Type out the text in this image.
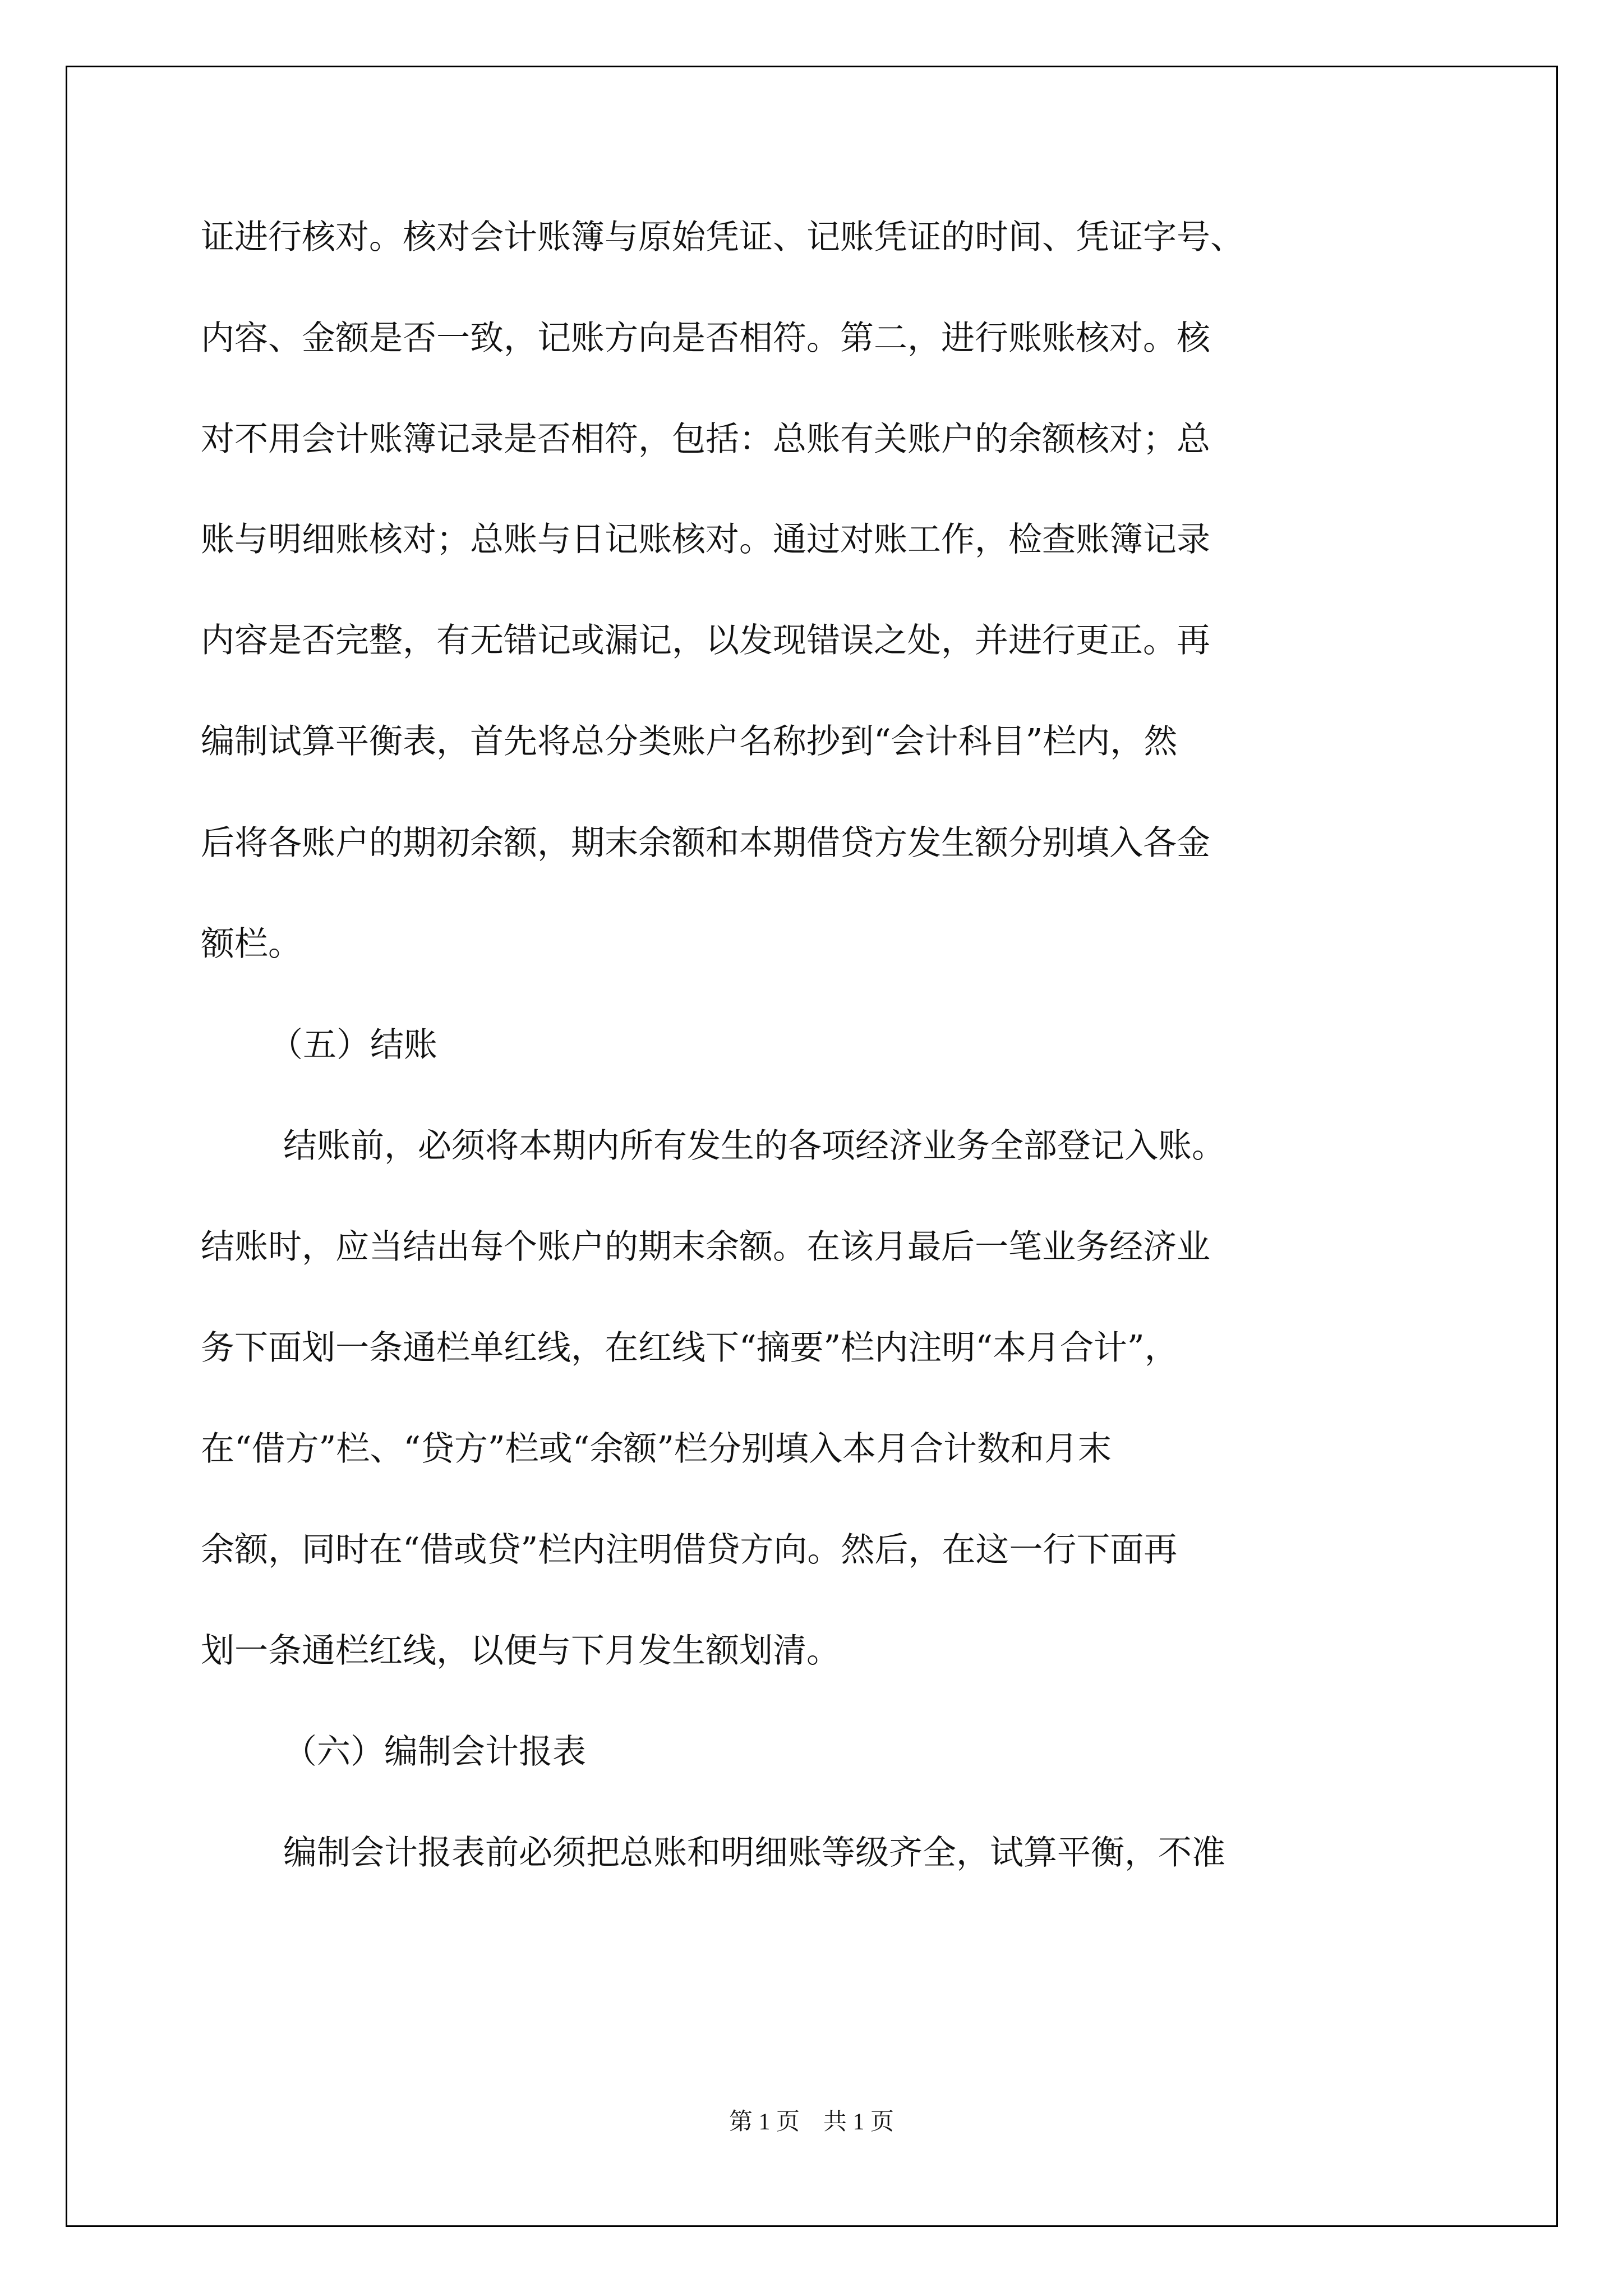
证进行核对。核对会计账簿与原始凭证、记账凭证的时间、凭证字号、
内容、金额是否一致，记账方向是否相符。第二，进行账账核对。核
对不用会计账簿记录是否相符，包括：总账有关账户的余额核对；总
账与明细账核对；总账与日记账核对。通过对账工作，检查账簿记录
内容是否完整，有无错记或漏记，以发现错误之处，并进行更正。再
编制试算平衡表，首先将总分类账户名称抄到“会计科目”栏内，然
后将各账户的期初余额，期末余额和本期借贷方发生额分别填入各金
额栏。
（五）结账
结账前，必须将本期内所有发生的各项经济业务全部登记入账。
结账时，应当结出每个账户的期末余额。在该月最后一笔业务经济业
务下面划一条通栏单红线，在红线下“摘要”栏内注明“本月合计”，
在“借方”栏、“贷方”栏或“余额”栏分别填入本月合计数和月末
余额，同时在“借或贷”栏内注明借贷方向。然后，在这一行下面再
划一条通栏红线，以便与下月发生额划清。
（六）编制会计报表
编制会计报表前必须把总账和明细账等级齐全，试算平衡，不准
第 1 页    共 1 页
